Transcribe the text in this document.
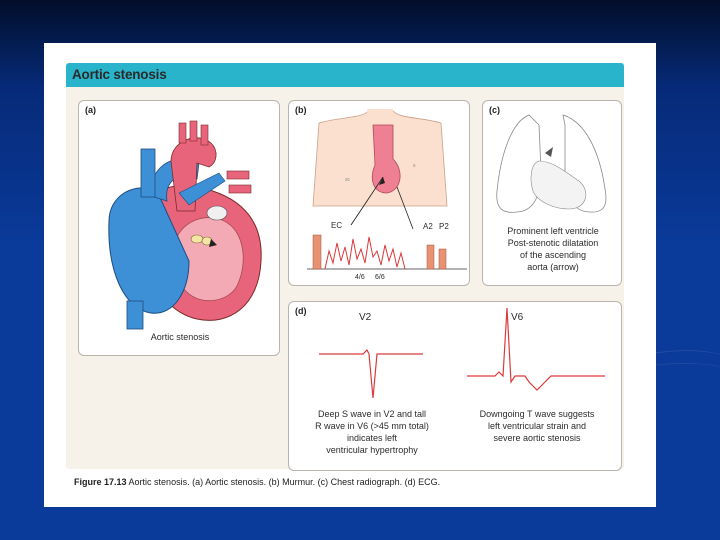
Aortic stenosis
(a)
Aortic stenosis
(b)
sc
s
EC	A2 P2
4/6 6/6
(c)
Prominent left ventricle
Post-stenotic dilatation
of the ascending
aorta (arrow)
(d)
V2	V6
Deep S wave in V2 and tall
R wave in V6 (>45 mm total)
indicates left
ventricular hypertrophy
Downgoing T wave suggests
left ventricular strain and
severe aortic stenosis
Figure 17.13 Aortic stenosis. (a) Aortic stenosis. (b) Murmur. (c) Chest radiograph. (d) ECG.
